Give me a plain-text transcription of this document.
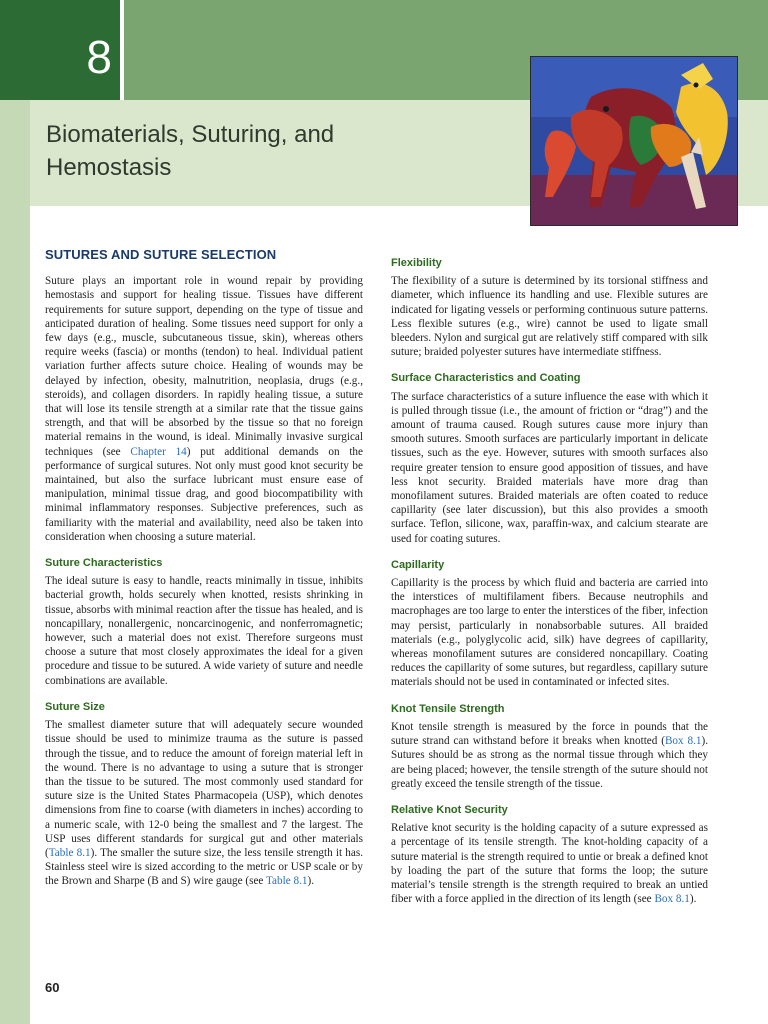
8
Biomaterials, Suturing, and
Hemostasis
SUTURES AND SUTURE SELECTION

Suture plays an important role in wound repair by providing hemostasis and support for healing tissue. Tissues have different requirements for suture support, depending on the type of tissue and anticipated duration of healing. Some tissues need support for only a few days (e.g., muscle, subcutaneous tissue, skin), whereas others require weeks (fascia) or months (tendon) to heal. Individual patient variation further affects suture choice. Healing of wounds may be delayed by infection, obesity, malnutrition, neoplasia, drugs (e.g., steroids), and collagen disorders. In rapidly healing tissue, a suture that will lose its tensile strength at a similar rate that the tissue gains strength, and that will be absorbed by the tissue so that no foreign material remains in the wound, is ideal. Minimally invasive surgical techniques (see Chapter 14) put additional demands on the performance of surgical sutures. Not only must good knot security be maintained, but also the surface lubricant must ensure ease of manipulation, minimal tissue drag, and good biocompatibility with minimal inflammatory responses. Subjective preferences, such as familiarity with the material and availability, need also be taken into consideration when choosing a suture material.

Suture Characteristics

The ideal suture is easy to handle, reacts minimally in tissue, inhibits bacterial growth, holds securely when knotted, resists shrinking in tissue, absorbs with minimal reaction after the tissue has healed, and is noncapillary, nonallergenic, noncarcinogenic, and nonferromagnetic; however, such a material does not exist. Therefore surgeons must choose a suture that most closely approximates the ideal for a given procedure and tissue to be sutured. A wide variety of suture and needle combinations are available.

Suture Size

The smallest diameter suture that will adequately secure wounded tissue should be used to minimize trauma as the suture is passed through the tissue, and to reduce the amount of foreign material left in the wound. There is no advantage to using a suture that is stronger than the tissue to be sutured. The most commonly used standard for suture size is the United States Pharmacopeia (USP), which denotes dimensions from fine to coarse (with diameters in inches) according to a numeric scale, with 12-0 being the smallest and 7 the largest. The USP uses different standards for surgical gut and other materials (Table 8.1). The smaller the suture size, the less tensile strength it has. Stainless steel wire is sized according to the metric or USP scale or by the Brown and Sharpe (B and S) wire gauge (see Table 8.1).

Flexibility

The flexibility of a suture is determined by its torsional stiffness and diameter, which influence its handling and use. Flexible sutures are indicated for ligating vessels or performing continuous suture patterns. Less flexible sutures (e.g., wire) cannot be used to ligate small bleeders. Nylon and surgical gut are relatively stiff compared with silk suture; braided polyester sutures have intermediate stiffness.

Surface Characteristics and Coating

The surface characteristics of a suture influence the ease with which it is pulled through tissue (i.e., the amount of friction or “drag”) and the amount of trauma caused. Rough sutures cause more injury than smooth sutures. Smooth surfaces are particularly important in delicate tissues, such as the eye. However, sutures with smooth surfaces also require greater tension to ensure good apposition of tissues, and have less knot security. Braided materials have more drag than monofilament sutures. Braided materials are often coated to reduce capillarity (see later discussion), but this also provides a smooth surface. Teflon, silicone, wax, paraffin-wax, and calcium stearate are used for coating sutures.

Capillarity

Capillarity is the process by which fluid and bacteria are carried into the interstices of multifilament fibers. Because neutrophils and macrophages are too large to enter the interstices of the fiber, infection may persist, particularly in nonabsorbable sutures. All braided materials (e.g., polyglycolic acid, silk) have degrees of capillarity, whereas monofilament sutures are considered noncapillary. Coating reduces the capillarity of some sutures, but regardless, capillary suture materials should not be used in contaminated or infected sites.

Knot Tensile Strength

Knot tensile strength is measured by the force in pounds that the suture strand can withstand before it breaks when knotted (Box 8.1). Sutures should be as strong as the normal tissue through which they are being placed; however, the tensile strength of the suture should not greatly exceed the tensile strength of the tissue.

Relative Knot Security

Relative knot security is the holding capacity of a suture expressed as a percentage of its tensile strength. The knot-holding capacity of a suture material is the strength required to untie or break a defined knot by loading the part of the suture that forms the loop; the suture material’s tensile strength is the strength required to break an untied fiber with a force applied in the direction of its length (see Box 8.1).

60
